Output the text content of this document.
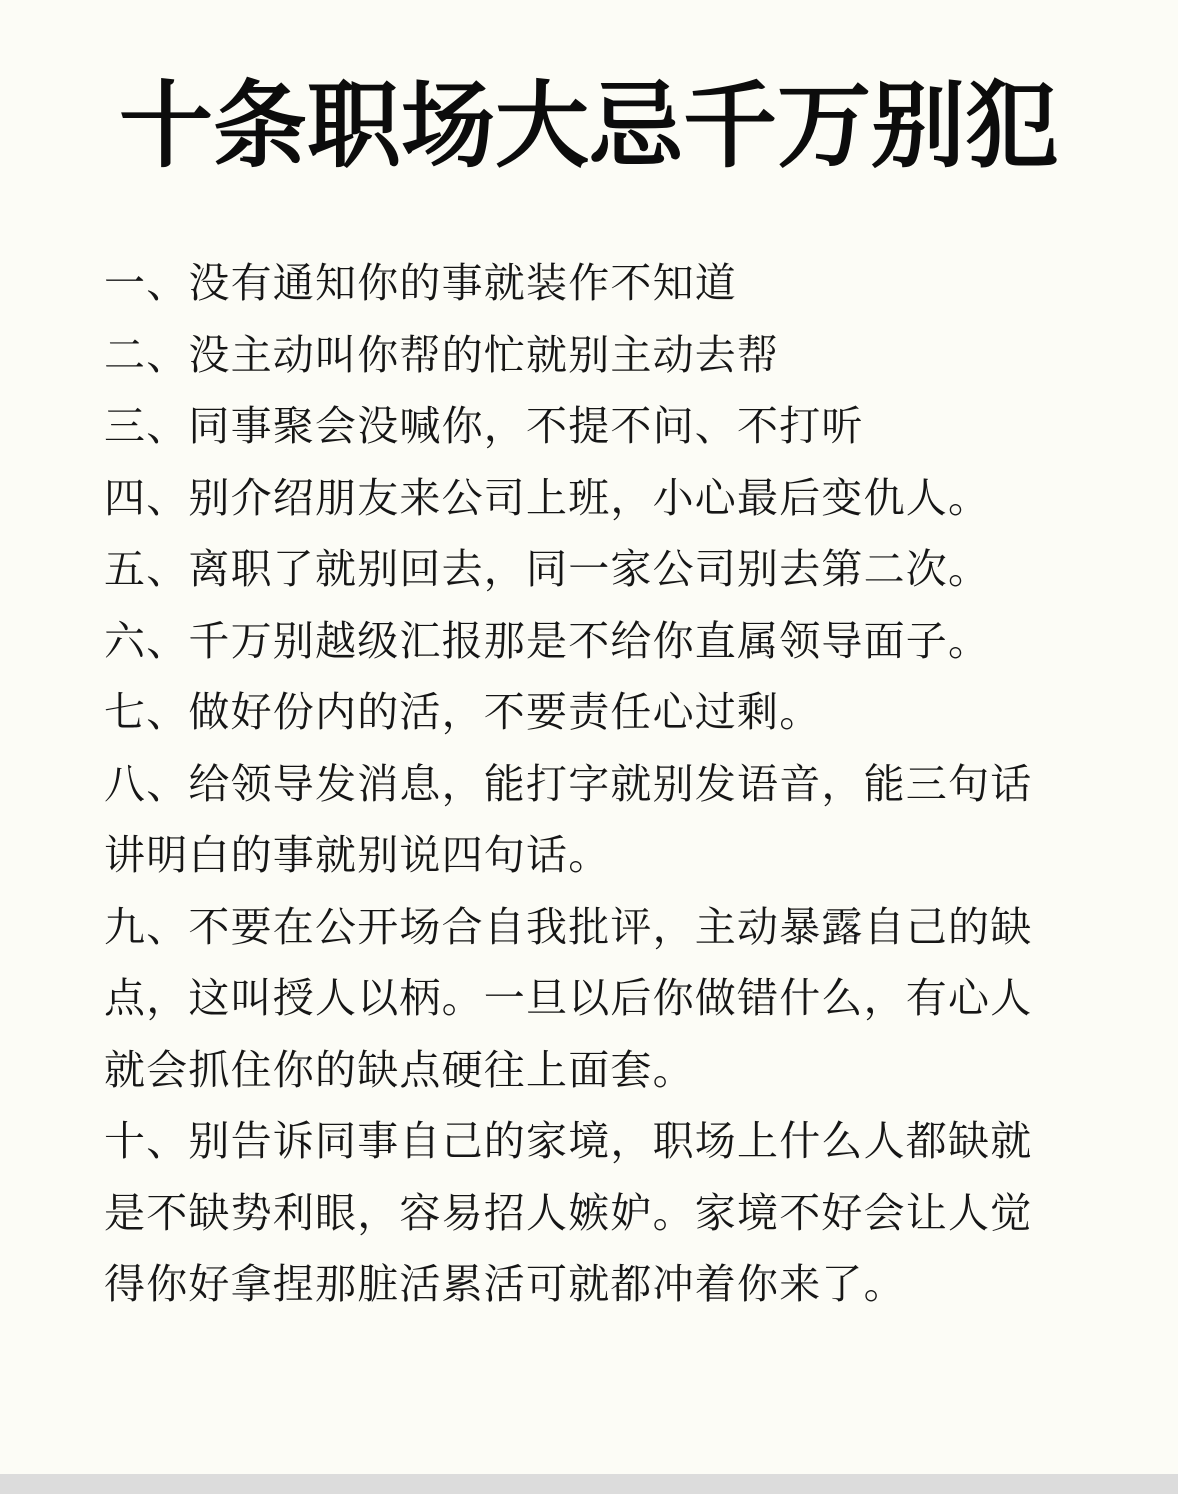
十条职场大忌千万别犯
一、没有通知你的事就装作不知道
二、没主动叫你帮的忙就别主动去帮
三、同事聚会没喊你，不提不问、不打听
四、别介绍朋友来公司上班，小心最后变仇人。
五、离职了就别回去，同一家公司别去第二次。
六、千万别越级汇报那是不给你直属领导面子。
七、做好份内的活，不要责任心过剩。
八、给领导发消息，能打字就别发语音，能三句话讲明白的事就别说四句话。
九、不要在公开场合自我批评，主动暴露自己的缺点，这叫授人以柄。一旦以后你做错什么，有心人就会抓住你的缺点硬往上面套。
十、别告诉同事自己的家境，职场上什么人都缺就是不缺势利眼，容易招人嫉妒。家境不好会让人觉得你好拿捏那脏活累活可就都冲着你来了。
